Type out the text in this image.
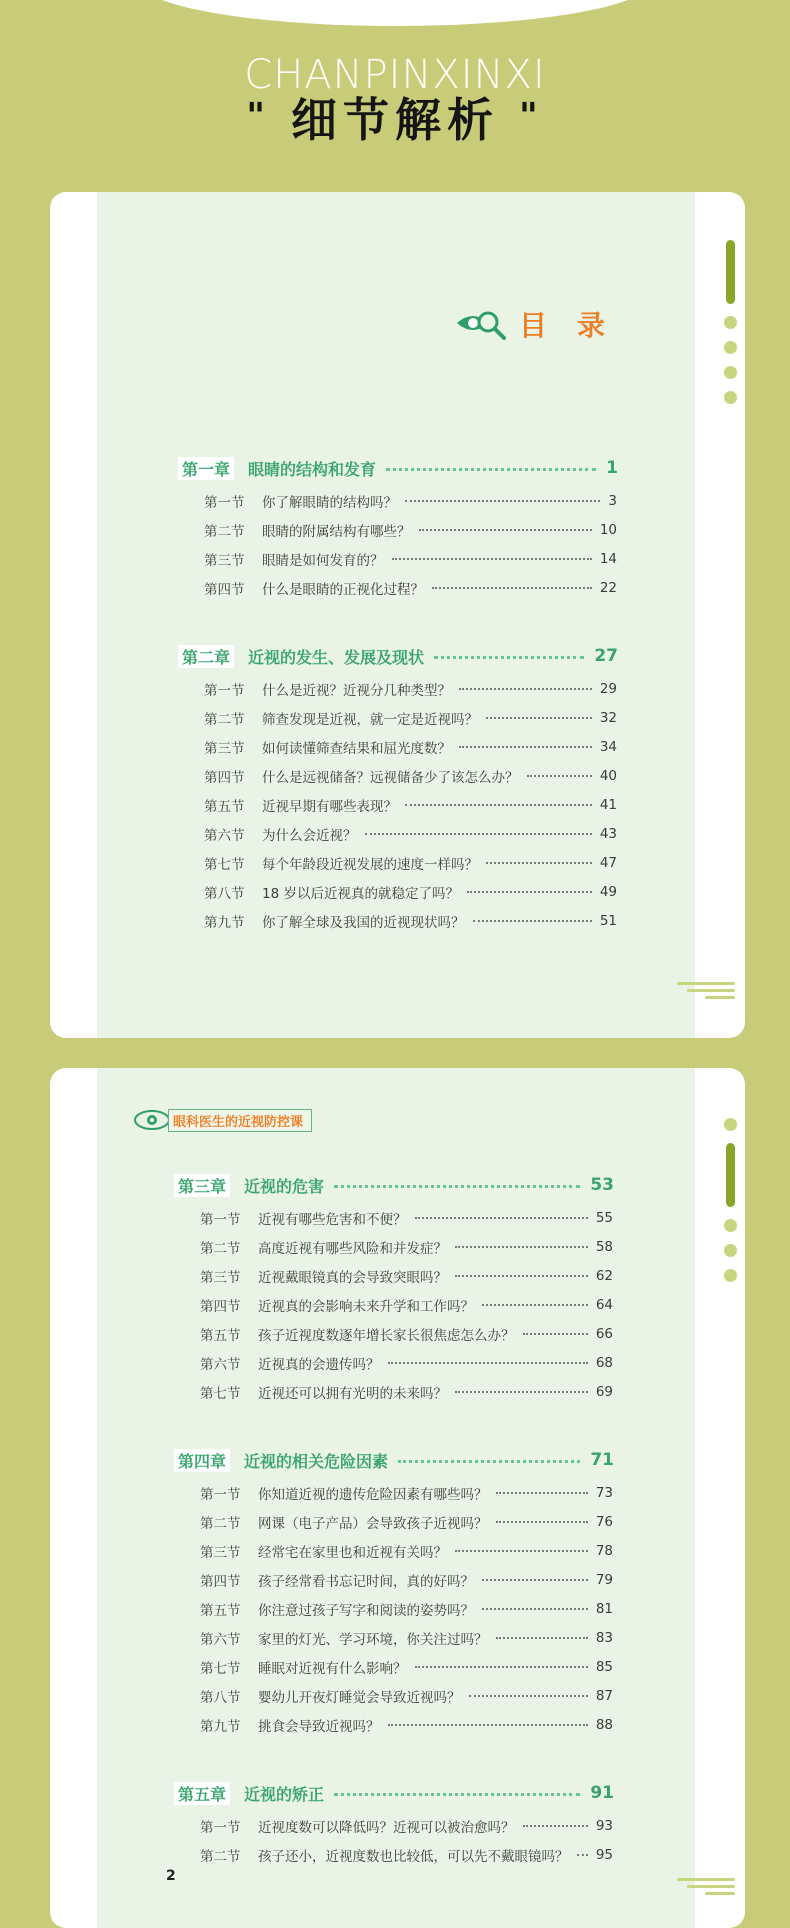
CHANPINXINXI
" 细节解析 "
目录
第一章 眼睛的结构和发育	1
第一节	你了解眼睛的结构吗？	3
第二节	眼睛的附属结构有哪些？	10
第三节	眼睛是如何发育的？	14
第四节	什么是眼睛的正视化过程？	22
第二章 近视的发生、发展及现状	27
第一节	什么是近视？近视分几种类型？	29
第二节	筛查发现是近视，就一定是近视吗？	32
第三节	如何读懂筛查结果和屈光度数？	34
第四节	什么是远视储备？远视储备少了该怎么办？	40
第五节	近视早期有哪些表现？	41
第六节	为什么会近视？	43
第七节	每个年龄段近视发展的速度一样吗？	47
第八节	18 岁以后近视真的就稳定了吗？	49
第九节	你了解全球及我国的近视现状吗？	51
眼科医生的近视防控课
2
第三章 近视的危害	53
第一节	近视有哪些危害和不便？	55
第二节	高度近视有哪些风险和并发症？	58
第三节	近视戴眼镜真的会导致突眼吗？	62
第四节	近视真的会影响未来升学和工作吗？	64
第五节	孩子近视度数逐年增长家长很焦虑怎么办？	66
第六节	近视真的会遗传吗？	68
第七节	近视还可以拥有光明的未来吗？	69
第四章 近视的相关危险因素	71
第一节	你知道近视的遗传危险因素有哪些吗？	73
第二节	网课（电子产品）会导致孩子近视吗？	76
第三节	经常宅在家里也和近视有关吗？	78
第四节	孩子经常看书忘记时间，真的好吗？	79
第五节	你注意过孩子写字和阅读的姿势吗？	81
第六节	家里的灯光、学习环境，你关注过吗？	83
第七节	睡眠对近视有什么影响？	85
第八节	婴幼儿开夜灯睡觉会导致近视吗？	87
第九节	挑食会导致近视吗？	88
第五章 近视的矫正	91
第一节	近视度数可以降低吗？近视可以被治愈吗？	93
第二节	孩子还小，近视度数也比较低，可以先不戴眼镜吗？ 95
